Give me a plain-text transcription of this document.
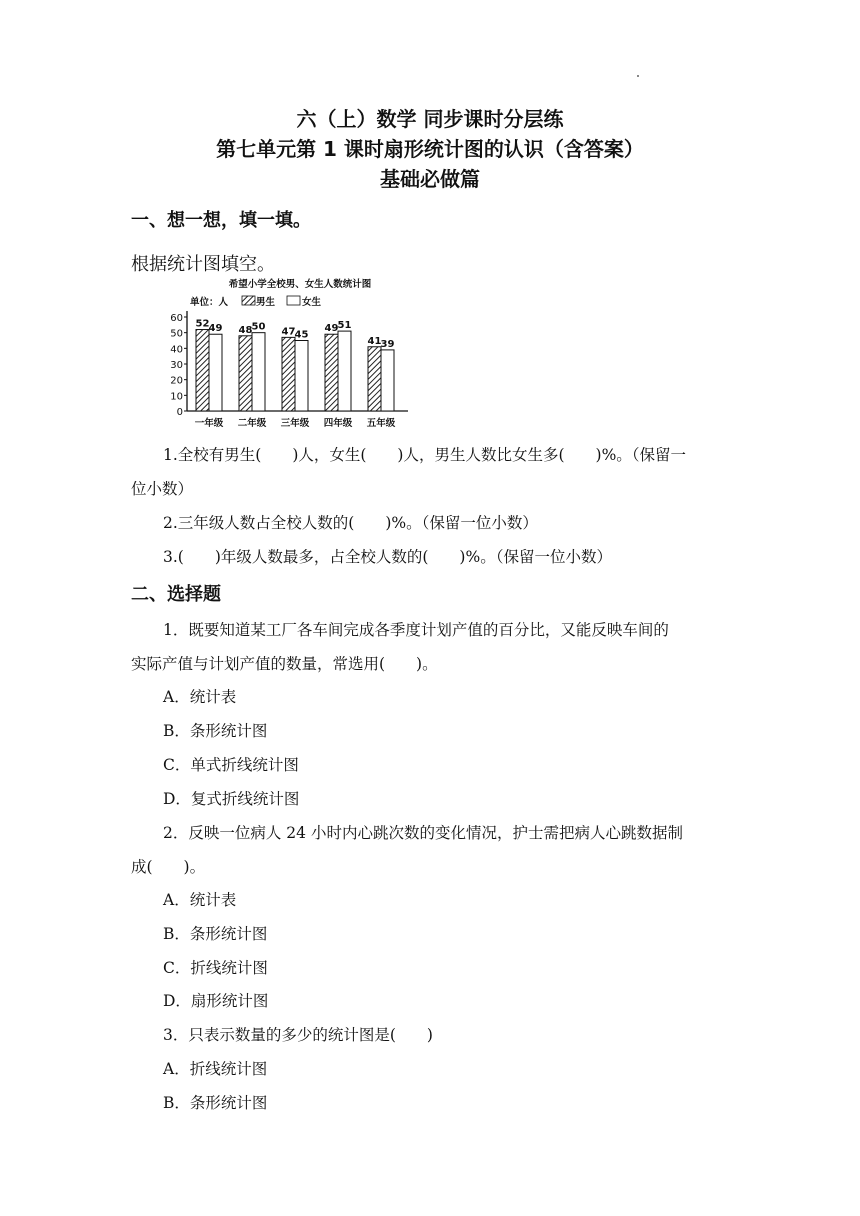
六（上）数学 同步课时分层练
第七单元第 1 课时扇形统计图的认识（含答案）
基础必做篇
一、想一想，填一填。
根据统计图填空。
希望小学全校男、女生人数统计图
0
10
20
30
40
50
60
单位：人	男生	女生
52 49
一年级
48 50
二年级
47 45
三年级
49 51
四年级
41 39
五年级
1.全校有男生(　　)人，女生(　　)人，男生人数比女生多(　　)%。（保留一
位小数）
2.三年级人数占全校人数的(　　)%。（保留一位小数）
3.(　　)年级人数最多，占全校人数的(　　)%。（保留一位小数）
二、选择题
1．既要知道某工厂各车间完成各季度计划产值的百分比，又能反映车间的
实际产值与计划产值的数量，常选用(　　)。
A．统计表
B．条形统计图
C．单式折线统计图
D．复式折线统计图
2．反映一位病人 24 小时内心跳次数的变化情况，护士需把病人心跳数据制
成(　　)。
A．统计表
B．条形统计图
C．折线统计图
D．扇形统计图
3．只表示数量的多少的统计图是(　　)
A．折线统计图
B．条形统计图
